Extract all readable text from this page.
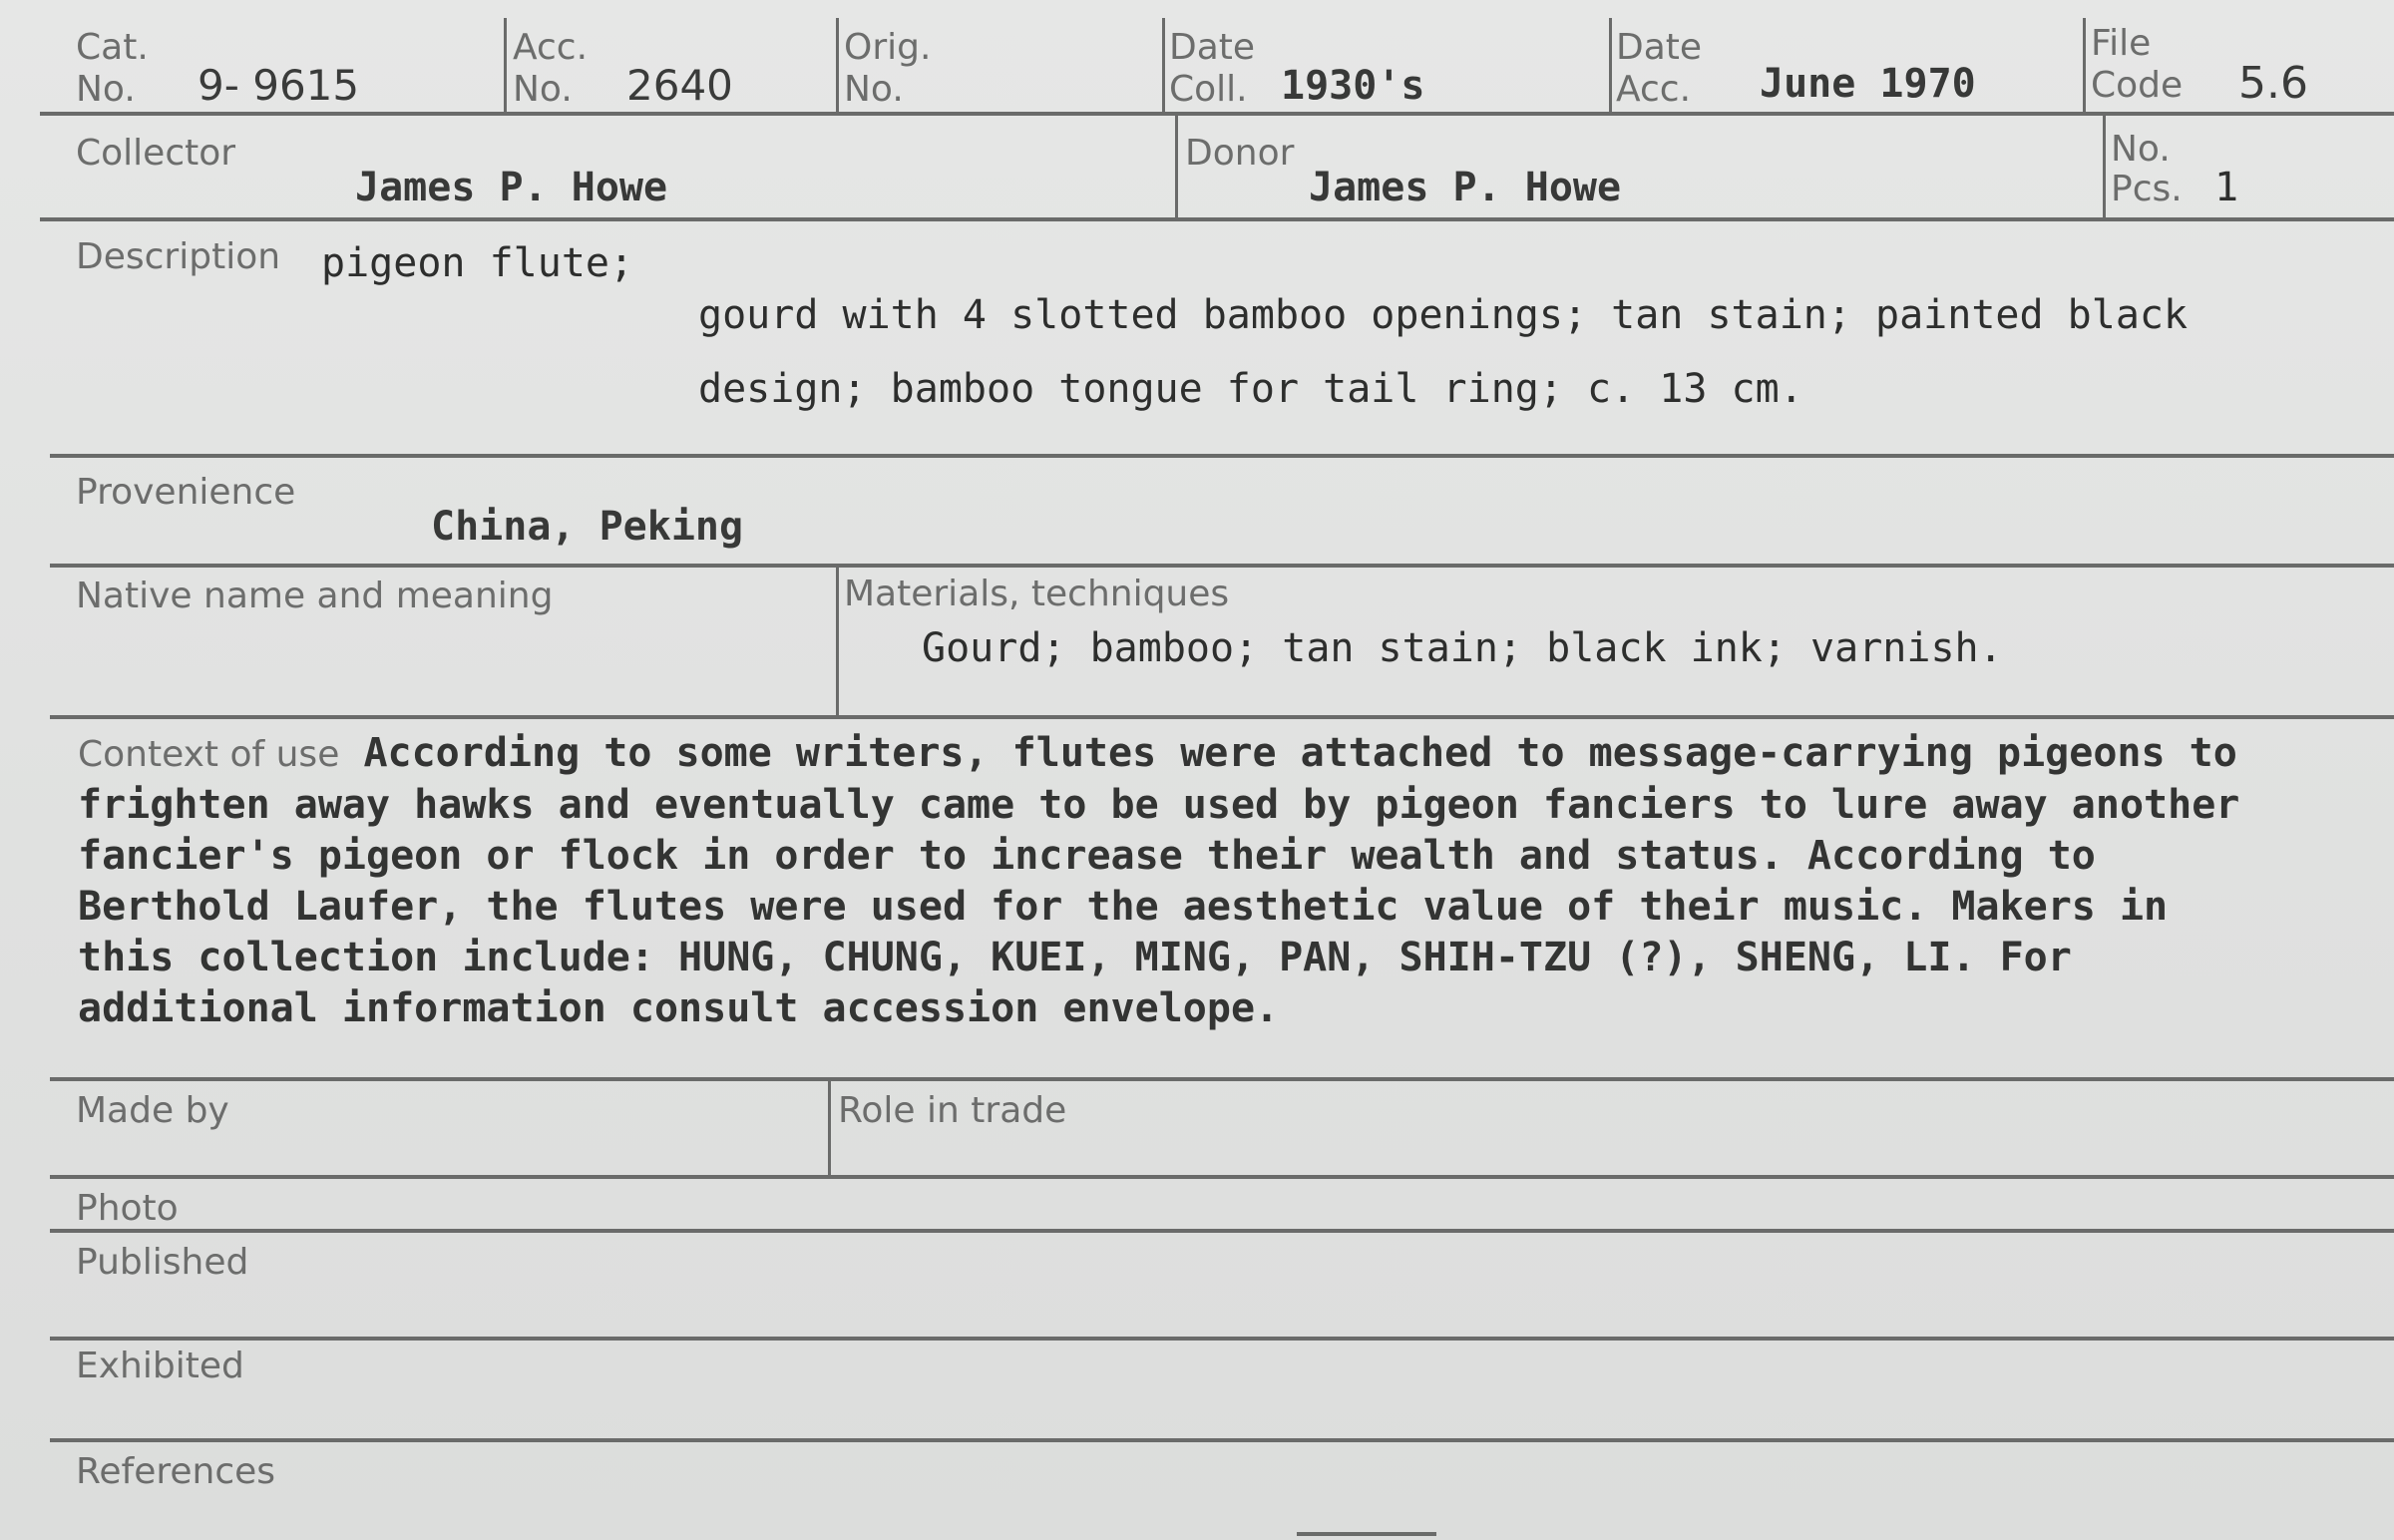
Cat.
No. 9- 9615
Acc.
No. 2640
Orig.
No.
Date
Coll. 1930's
Date
Acc. June 1970
File
Code 5.6
Collector
James P. Howe
Donor
James P. Howe
No.
Pcs. 1
Description pigeon flute;
gourd with 4 slotted bamboo openings; tan stain; painted black
design; bamboo tongue for tail ring; c. 13 cm.
Provenience
China, Peking
Native name and meaning	Materials, techniques
Gourd; bamboo; tan stain; black ink; varnish.
Context of use According to some writers, flutes were attached to message-carrying pigeons to
frighten away hawks and eventually came to be used by pigeon fanciers to lure away another
fancier's pigeon or flock in order to increase their wealth and status. According to
Berthold Laufer, the flutes were used for the aesthetic value of their music. Makers in
this collection include: HUNG, CHUNG, KUEI, MING, PAN, SHIH-TZU (?), SHENG, LI. For
additional information consult accession envelope.
Made by	Role in trade
Photo
Published
Exhibited
References
